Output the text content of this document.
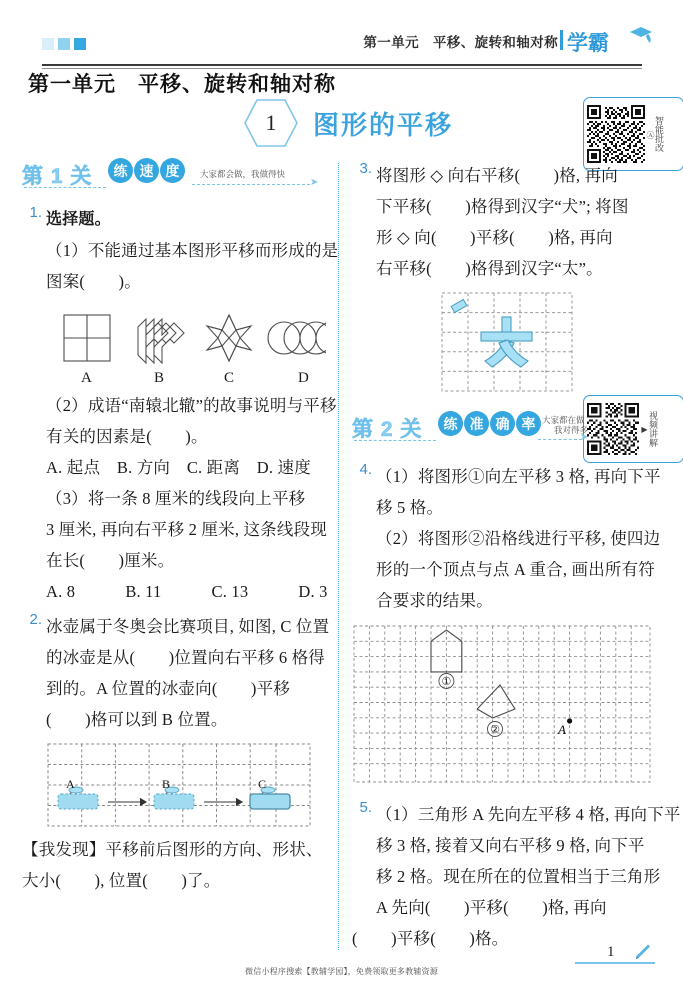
第一单元　平移、旋转和轴对称 学霸
第一单元　平移、旋转和轴对称
1	图形的平移	智能批改
Ⓐ
视频讲解
▶
第 1 关	练 速 度	大家都会做，我做得快
➤
1. 选择题。
（1）不能通过基本图形平移而形成的是
图案(　　)。
A	B	C	D
（2）成语“南辕北辙”的故事说明与平移
有关的因素是(　　)。
A. 起点　B. 方向　C. 距离　D. 速度
（3）将一条 8 厘米的线段向上平移
3 厘米, 再向右平移 2 厘米, 这条线段现
在长(　　)厘米。
A. 8　　　B. 11　　　C. 13　　　D. 3
2. 冰壶属于冬奥会比赛项目, 如图, C 位置
的冰壶是从(　　)位置向右平移 6 格得
到的。A 位置的冰壶向(　　)平移
(　　)格可以到 B 位置。
A	B	C
【我发现】平移前后图形的方向、形状、
大小(　　), 位置(　　)了。
3. 将图形 ◇ 向右平移(　　)格, 再向
下平移(　　)格得到汉字“犬”; 将图
形 ◇ 向(　　)平移(　　)格, 再向
右平移(　　)格得到汉字“太”。
第 2 关	练 准 确 率 大家都在做
我对得多
➤
4. （1）将图形①向左平移 3 格, 再向下平
移 5 格。
（2）将图形②沿格线进行平移, 使四边
形的一个顶点与点 A 重合, 画出所有符
合要求的结果。
①
②	A
5. （1）三角形 A 先向左平移 4 格, 再向下平
移 3 格, 接着又向右平移 9 格, 向下平
移 2 格。现在所在的位置相当于三角形
A 先向(　　)平移(　　)格, 再向
(　　)平移(　　)格。
1
微信小程序搜索【教辅学园】，免费领取更多教辅资源
